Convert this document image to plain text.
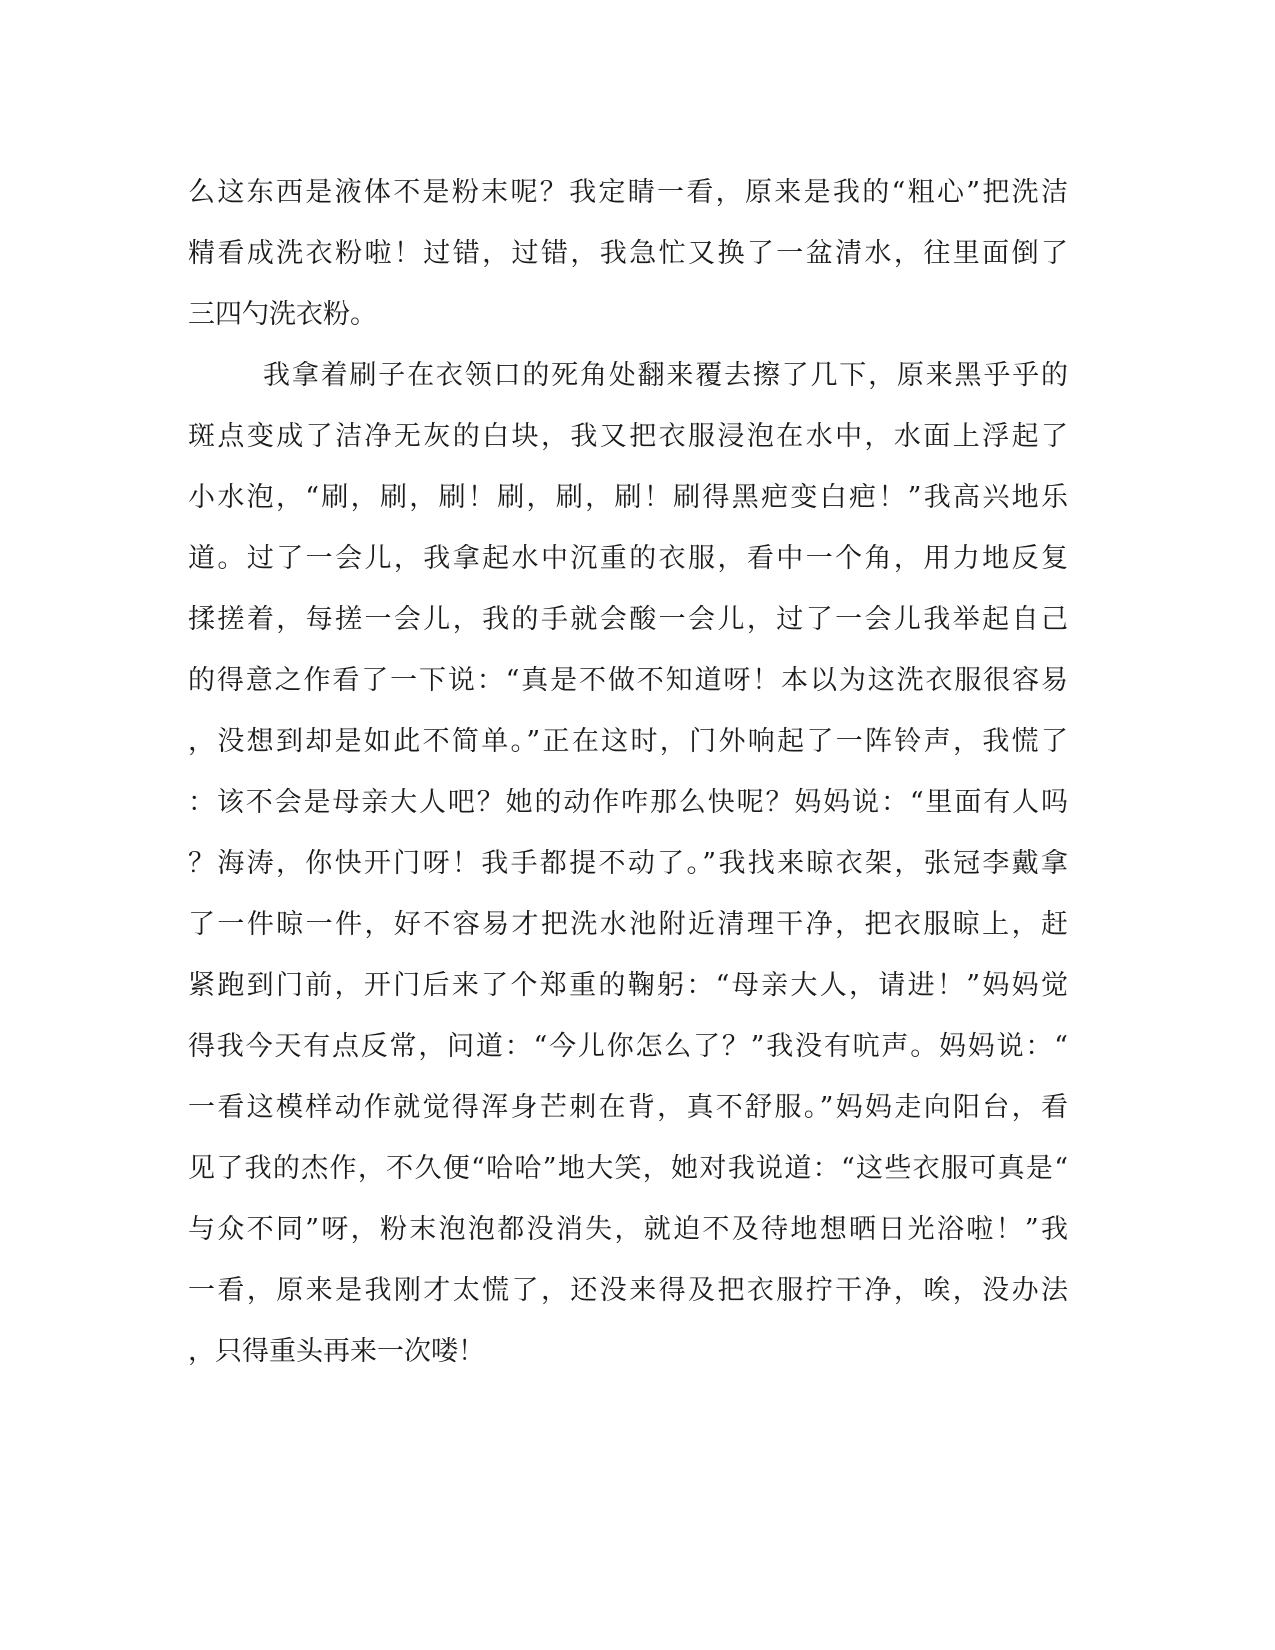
么这东西是液体不是粉末呢？我定睛一看，原来是我的“粗心”把洗洁
精看成洗衣粉啦！过错，过错，我急忙又换了一盆清水，往里面倒了
三四勺洗衣粉。
我拿着刷子在衣领口的死角处翻来覆去擦了几下，原来黑乎乎的
斑点变成了洁净无灰的白块，我又把衣服浸泡在水中，水面上浮起了
小水泡，“刷，刷，刷！刷，刷，刷！刷得黑疤变白疤！”我高兴地乐
道。过了一会儿，我拿起水中沉重的衣服，看中一个角，用力地反复
揉搓着，每搓一会儿，我的手就会酸一会儿，过了一会儿我举起自己
的得意之作看了一下说：“真是不做不知道呀！本以为这洗衣服很容易
，没想到却是如此不简单。”正在这时，门外响起了一阵铃声，我慌了
：该不会是母亲大人吧？她的动作咋那么快呢？妈妈说：“里面有人吗
？海涛，你快开门呀！我手都提不动了。”我找来晾衣架，张冠李戴拿
了一件晾一件，好不容易才把洗水池附近清理干净，把衣服晾上，赶
紧跑到门前，开门后来了个郑重的鞠躬：“母亲大人，请进！”妈妈觉
得我今天有点反常，问道：“今儿你怎么了？”我没有吭声。妈妈说：“
一看这模样动作就觉得浑身芒刺在背，真不舒服。”妈妈走向阳台，看
见了我的杰作，不久便“哈哈”地大笑，她对我说道：“这些衣服可真是“
与众不同”呀，粉末泡泡都没消失，就迫不及待地想晒日光浴啦！”我
一看，原来是我刚才太慌了，还没来得及把衣服拧干净，唉，没办法
，只得重头再来一次喽！
